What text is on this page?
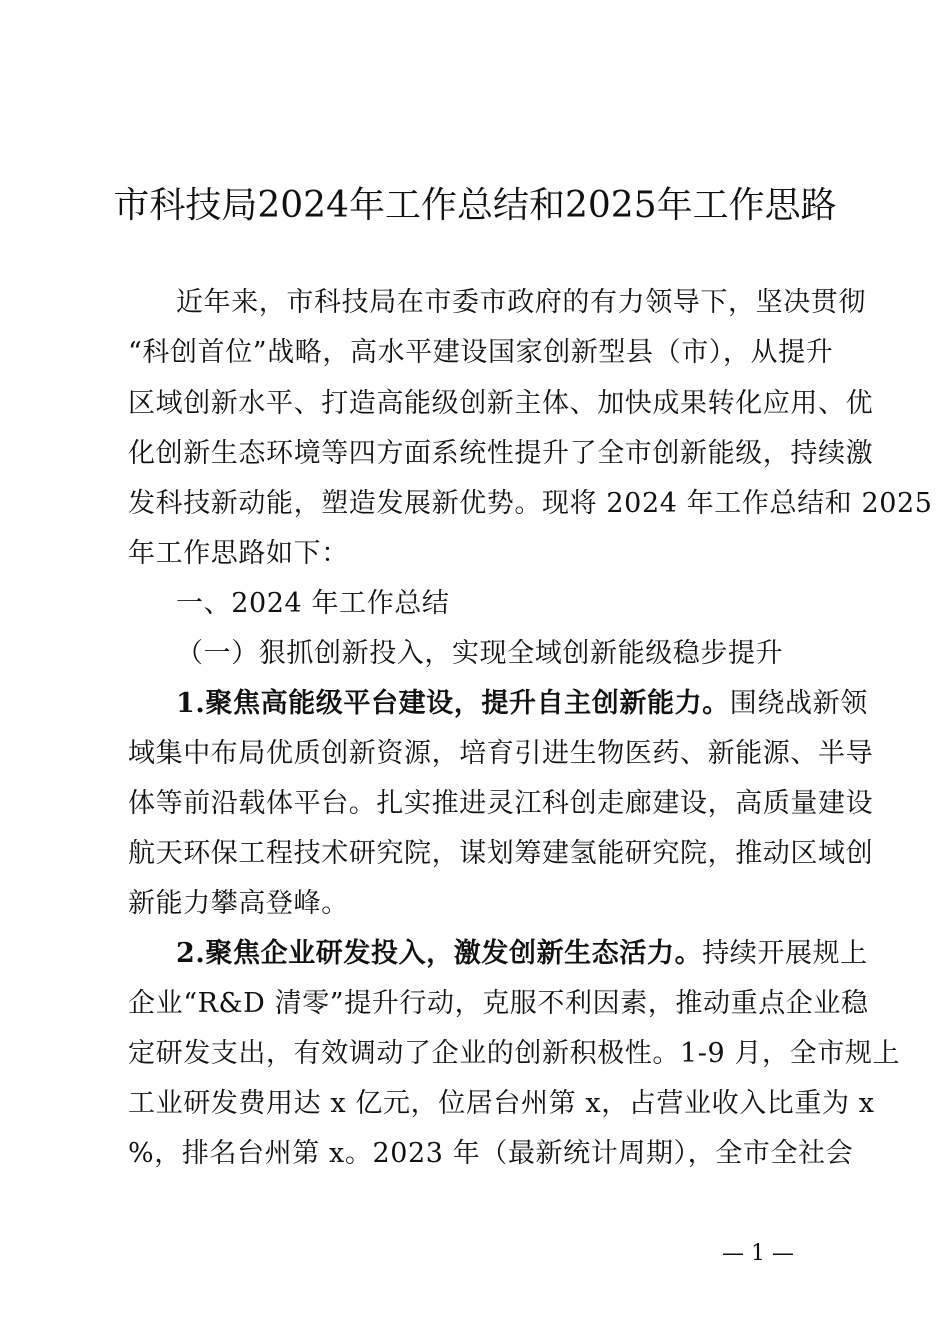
市科技局2024年工作总结和2025年工作思路
近年来，市科技局在市委市政府的有力领导下，坚决贯彻
“科创首位”战略，高水平建设国家创新型县（市），从提升
区域创新水平、打造高能级创新主体、加快成果转化应用、优
化创新生态环境等四方面系统性提升了全市创新能级，持续激
发科技新动能，塑造发展新优势。现将 2024 年工作总结和 2025
年工作思路如下：
一、2024 年工作总结
（一）狠抓创新投入，实现全域创新能级稳步提升
1.聚焦高能级平台建设，提升自主创新能力。围绕战新领
域集中布局优质创新资源，培育引进生物医药、新能源、半导
体等前沿载体平台。扎实推进灵江科创走廊建设，高质量建设
航天环保工程技术研究院，谋划筹建氢能研究院，推动区域创
新能力攀高登峰。
2.聚焦企业研发投入，激发创新生态活力。持续开展规上
企业“R&D 清零”提升行动，克服不利因素，推动重点企业稳
定研发支出，有效调动了企业的创新积极性。1-9 月，全市规上
工业研发费用达 x 亿元，位居台州第 x，占营业收入比重为 x
%，排名台州第 x。2023 年（最新统计周期），全市全社会
— 1 —
